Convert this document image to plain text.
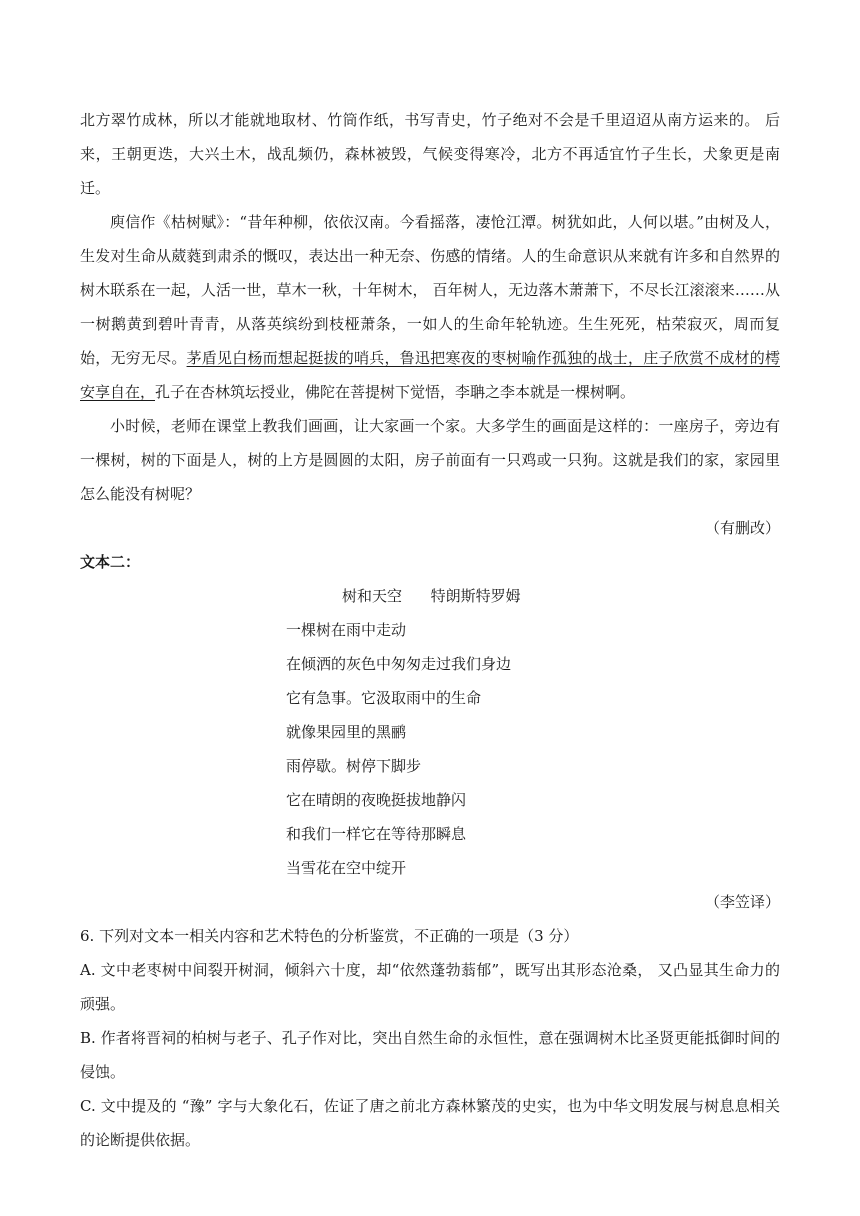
北方翠竹成林，所以才能就地取材、竹筒作纸，书写青史，竹子绝对不会是千里迢迢从南方运来的。 后来，王朝更迭，大兴土木，战乱频仍，森林被毁，气候变得寒冷，北方不再适宜竹子生长，犬象更是南迁。

庾信作《枯树赋》：“昔年种柳，依依汉南。今看摇落，凄怆江潭。树犹如此，人何以堪。”由树及人，生发对生命从葳蕤到肃杀的慨叹，表达出一种无奈、伤感的情绪。人的生命意识从来就有许多和自然界的树木联系在一起，人活一世，草木一秋，十年树木， 百年树人，无边落木萧萧下，不尽长江滚滚来……从一树鹅黄到碧叶青青，从落英缤纷到枝桠萧条，一如人的生命年轮轨迹。生生死死，枯荣寂灭，周而复始，无穷无尽。茅盾见白杨而想起挺拔的哨兵，鲁迅把寒夜的枣树喻作孤独的战士，庄子欣赏不成材的樗安享自在，孔子在杏林筑坛授业，佛陀在菩提树下觉悟，李聃之李本就是一棵树啊。

小时候，老师在课堂上教我们画画，让大家画一个家。大多学生的画面是这样的：一座房子，旁边有一棵树，树的下面是人，树的上方是圆圆的太阳，房子前面有一只鸡或一只狗。这就是我们的家，家园里怎么能没有树呢？

（有删改）

文本二：

树和天空 特朗斯特罗姆

一棵树在雨中走动

在倾洒的灰色中匆匆走过我们身边

它有急事。它汲取雨中的生命

就像果园里的黑鹂

雨停歇。树停下脚步

它在晴朗的夜晚挺拔地静闪

和我们一样它在等待那瞬息

当雪花在空中绽开

（李笠译）

6. 下列对文本一相关内容和艺术特色的分析鉴赏，不正确的一项是（3 分）

A. 文中老枣树中间裂开树洞，倾斜六十度，却“依然蓬勃蓊郁”，既写出其形态沧桑， 又凸显其生命力的顽强。

B. 作者将晋祠的柏树与老子、孔子作对比，突出自然生命的永恒性，意在强调树木比圣贤更能抵御时间的侵蚀。

C. 文中提及的 “豫” 字与大象化石，佐证了唐之前北方森林繁茂的史实，也为中华文明发展与树息息相关的论断提供依据。
